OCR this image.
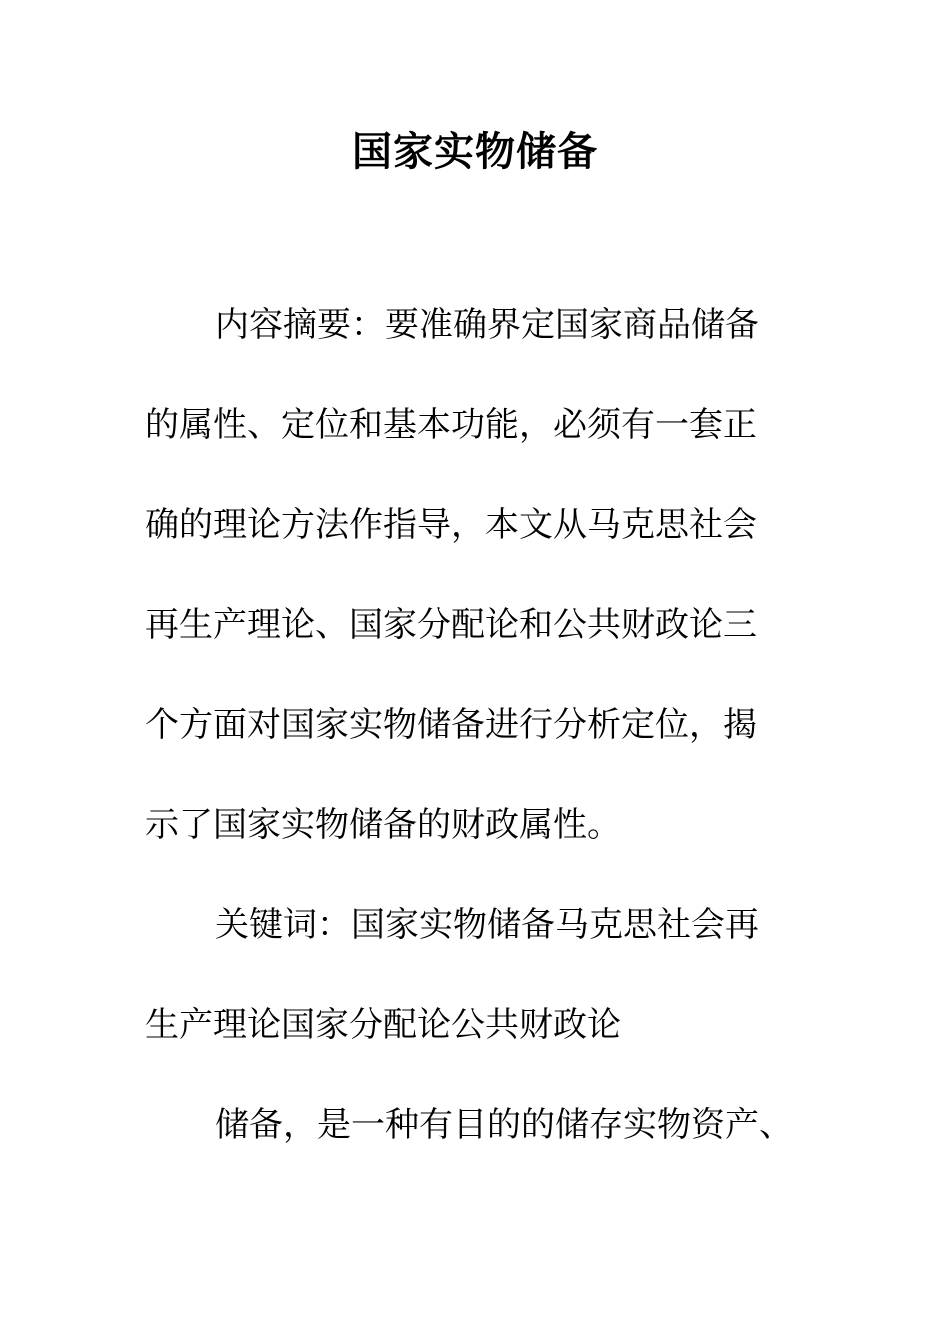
国家实物储备
内容摘要：要准确界定国家商品储备
的属性、定位和基本功能，必须有一套正
确的理论方法作指导，本文从马克思社会
再生产理论、国家分配论和公共财政论三
个方面对国家实物储备进行分析定位，揭
示了国家实物储备的财政属性。
关键词：国家实物储备马克思社会再
生产理论国家分配论公共财政论
储备，是一种有目的的储存实物资产、
